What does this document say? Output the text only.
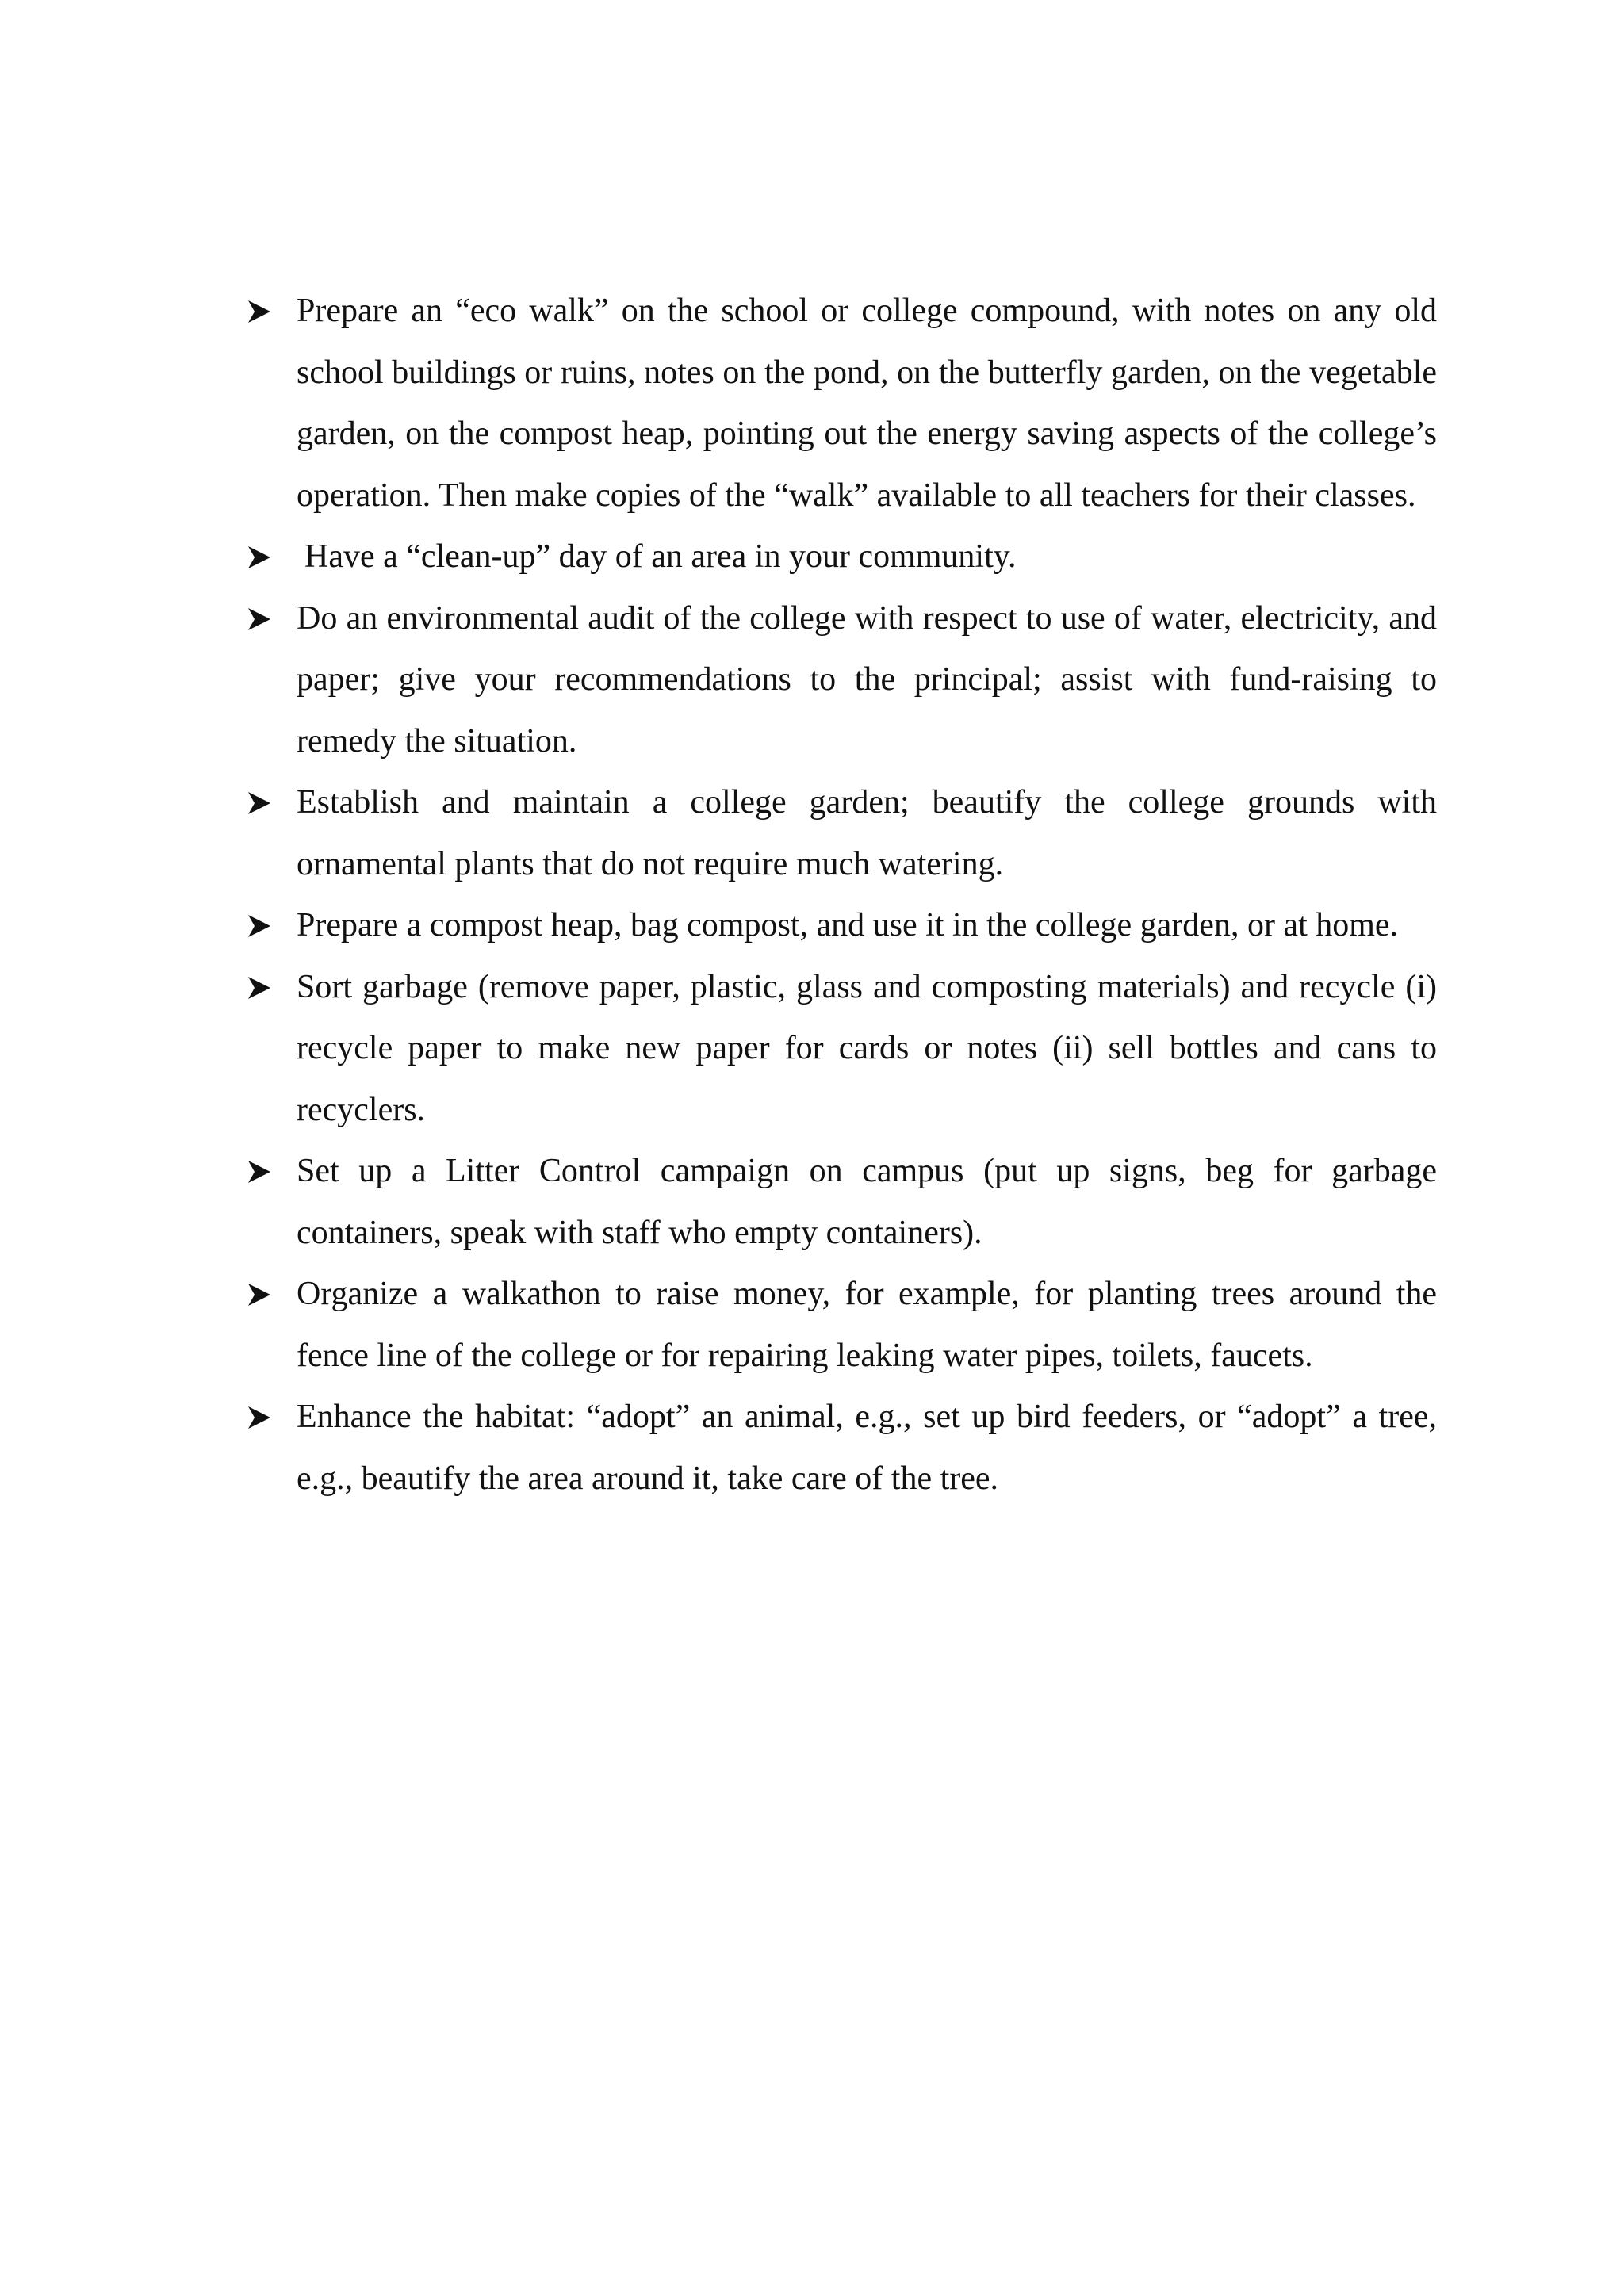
Prepare an “eco walk” on the school or college compound, with notes on any old school buildings or ruins, notes on the pond, on the butterfly garden, on the vegetable garden, on the compost heap, pointing out the energy saving aspects of the college’s operation. Then make copies of the “walk” available to all teachers for their classes.
Have a “clean-up” day of an area in your community.
Do an environmental audit of the college with respect to use of water, electricity, and paper; give your recommendations to the principal; assist with fund-raising to remedy the situation.
Establish and maintain a college garden; beautify the college grounds with ornamental plants that do not require much watering.
Prepare a compost heap, bag compost, and use it in the college garden, or at home.
Sort garbage (remove paper, plastic, glass and composting materials) and recycle (i) recycle paper to make new paper for cards or notes (ii) sell bottles and cans to recyclers.
Set up a Litter Control campaign on campus (put up signs, beg for garbage containers, speak with staff who empty containers).
Organize a walkathon to raise money, for example, for planting trees around the fence line of the college or for repairing leaking water pipes, toilets, faucets.
Enhance the habitat: “adopt” an animal, e.g., set up bird feeders, or “adopt” a tree, e.g., beautify the area around it, take care of the tree.
